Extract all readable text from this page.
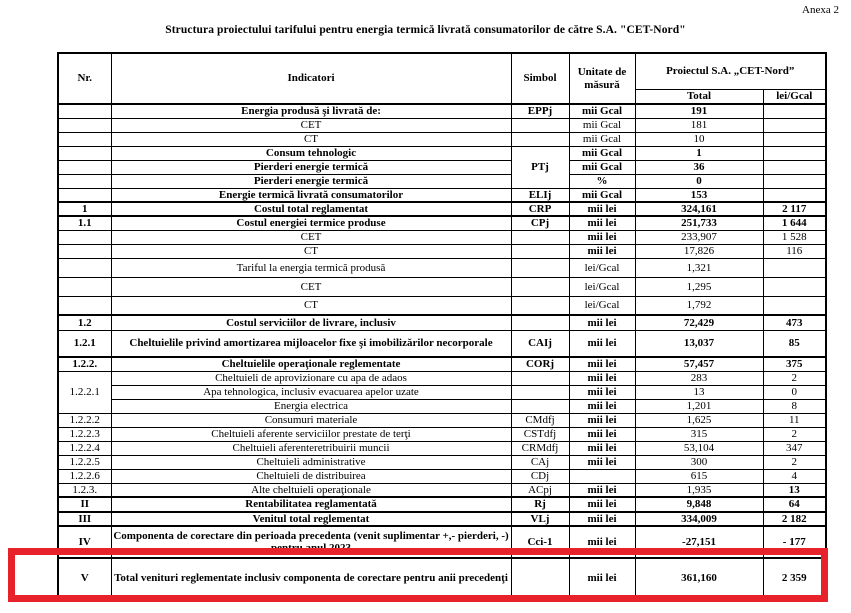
Anexa 2
Structura proiectului tarifului pentru energia termică livrată consumatorilor de către S.A. "CET-Nord"
Nr.	Indicatori	Simbol	Unitate de măsură	Proiectul S.A. „CET-Nord”	
				Total	lei/Gcal
	Energia produsă şi livrată de:	EPPj	mii Gcal	191	
	CET		mii Gcal	181	
	CT		mii Gcal	10	
	Consum tehnologic	PTj	mii Gcal	1	
	Pierderi energie termică		mii Gcal	36	
	Pierderi energie termică		%	0	
	Energie termică livrată consumatorilor	ELIj	mii Gcal	153	
1	Costul total reglamentat	CRP	mii lei	324,161	2 117
1.1	Costul energiei termice produse	CPj	mii lei	251,733	1 644
	CET		mii lei	233,907	1 528
	CT		mii lei	17,826	116
	Tariful la energia termică produsă		lei/Gcal	1,321	
	CET		lei/Gcal	1,295	
	CT		lei/Gcal	1,792	
1.2	Costul serviciilor de livrare, inclusiv		mii lei	72,429	473
1.2.1	Cheltuielile privind amortizarea mijloacelor fixe şi imobilizărilor necorporale	CAIj	mii lei	13,037	85
1.2.2.	Cheltuielile operaţionale reglementate	CORj	mii lei	57,457	375
1.2.2.1	Cheltuieli de aprovizionare cu apa de adaos		mii lei	283	2
	Apa tehnologica, inclusiv evacuarea apelor uzate		mii lei	13	0
	Energia electrica		mii lei	1,201	8
1.2.2.2	Consumuri materiale	CMdfj	mii lei	1,625	11
1.2.2.3	Cheltuieli aferente serviciilor prestate de terţi	CSTdfj	mii lei	315	2
1.2.2.4	Cheltuieli aferenteretribuirii muncii	CRMdfj	mii lei	53,104	347
1.2.2.5	Cheltuieli administrative	CAj	mii lei	300	2
1.2.2.6	Cheltuieli de distribuirea	CDj		615	4
1.2.3.	Alte cheltuieli operaţionale	ACpj	mii lei	1,935	13
II	Rentabilitatea reglamentată	Rj	mii lei	9,848	64
III	Venitul total reglementat	VLj	mii lei	334,009	2 182
IV	Componenta de corectare din perioada precedenta (venit suplimentar +,- pierderi, -) pentru anul 2023	Cci-1	mii lei	-27,151	- 177
V	Total venituri reglementate inclusiv componenta de corectare pentru anii precedenţi		mii lei	361,160	2 359
